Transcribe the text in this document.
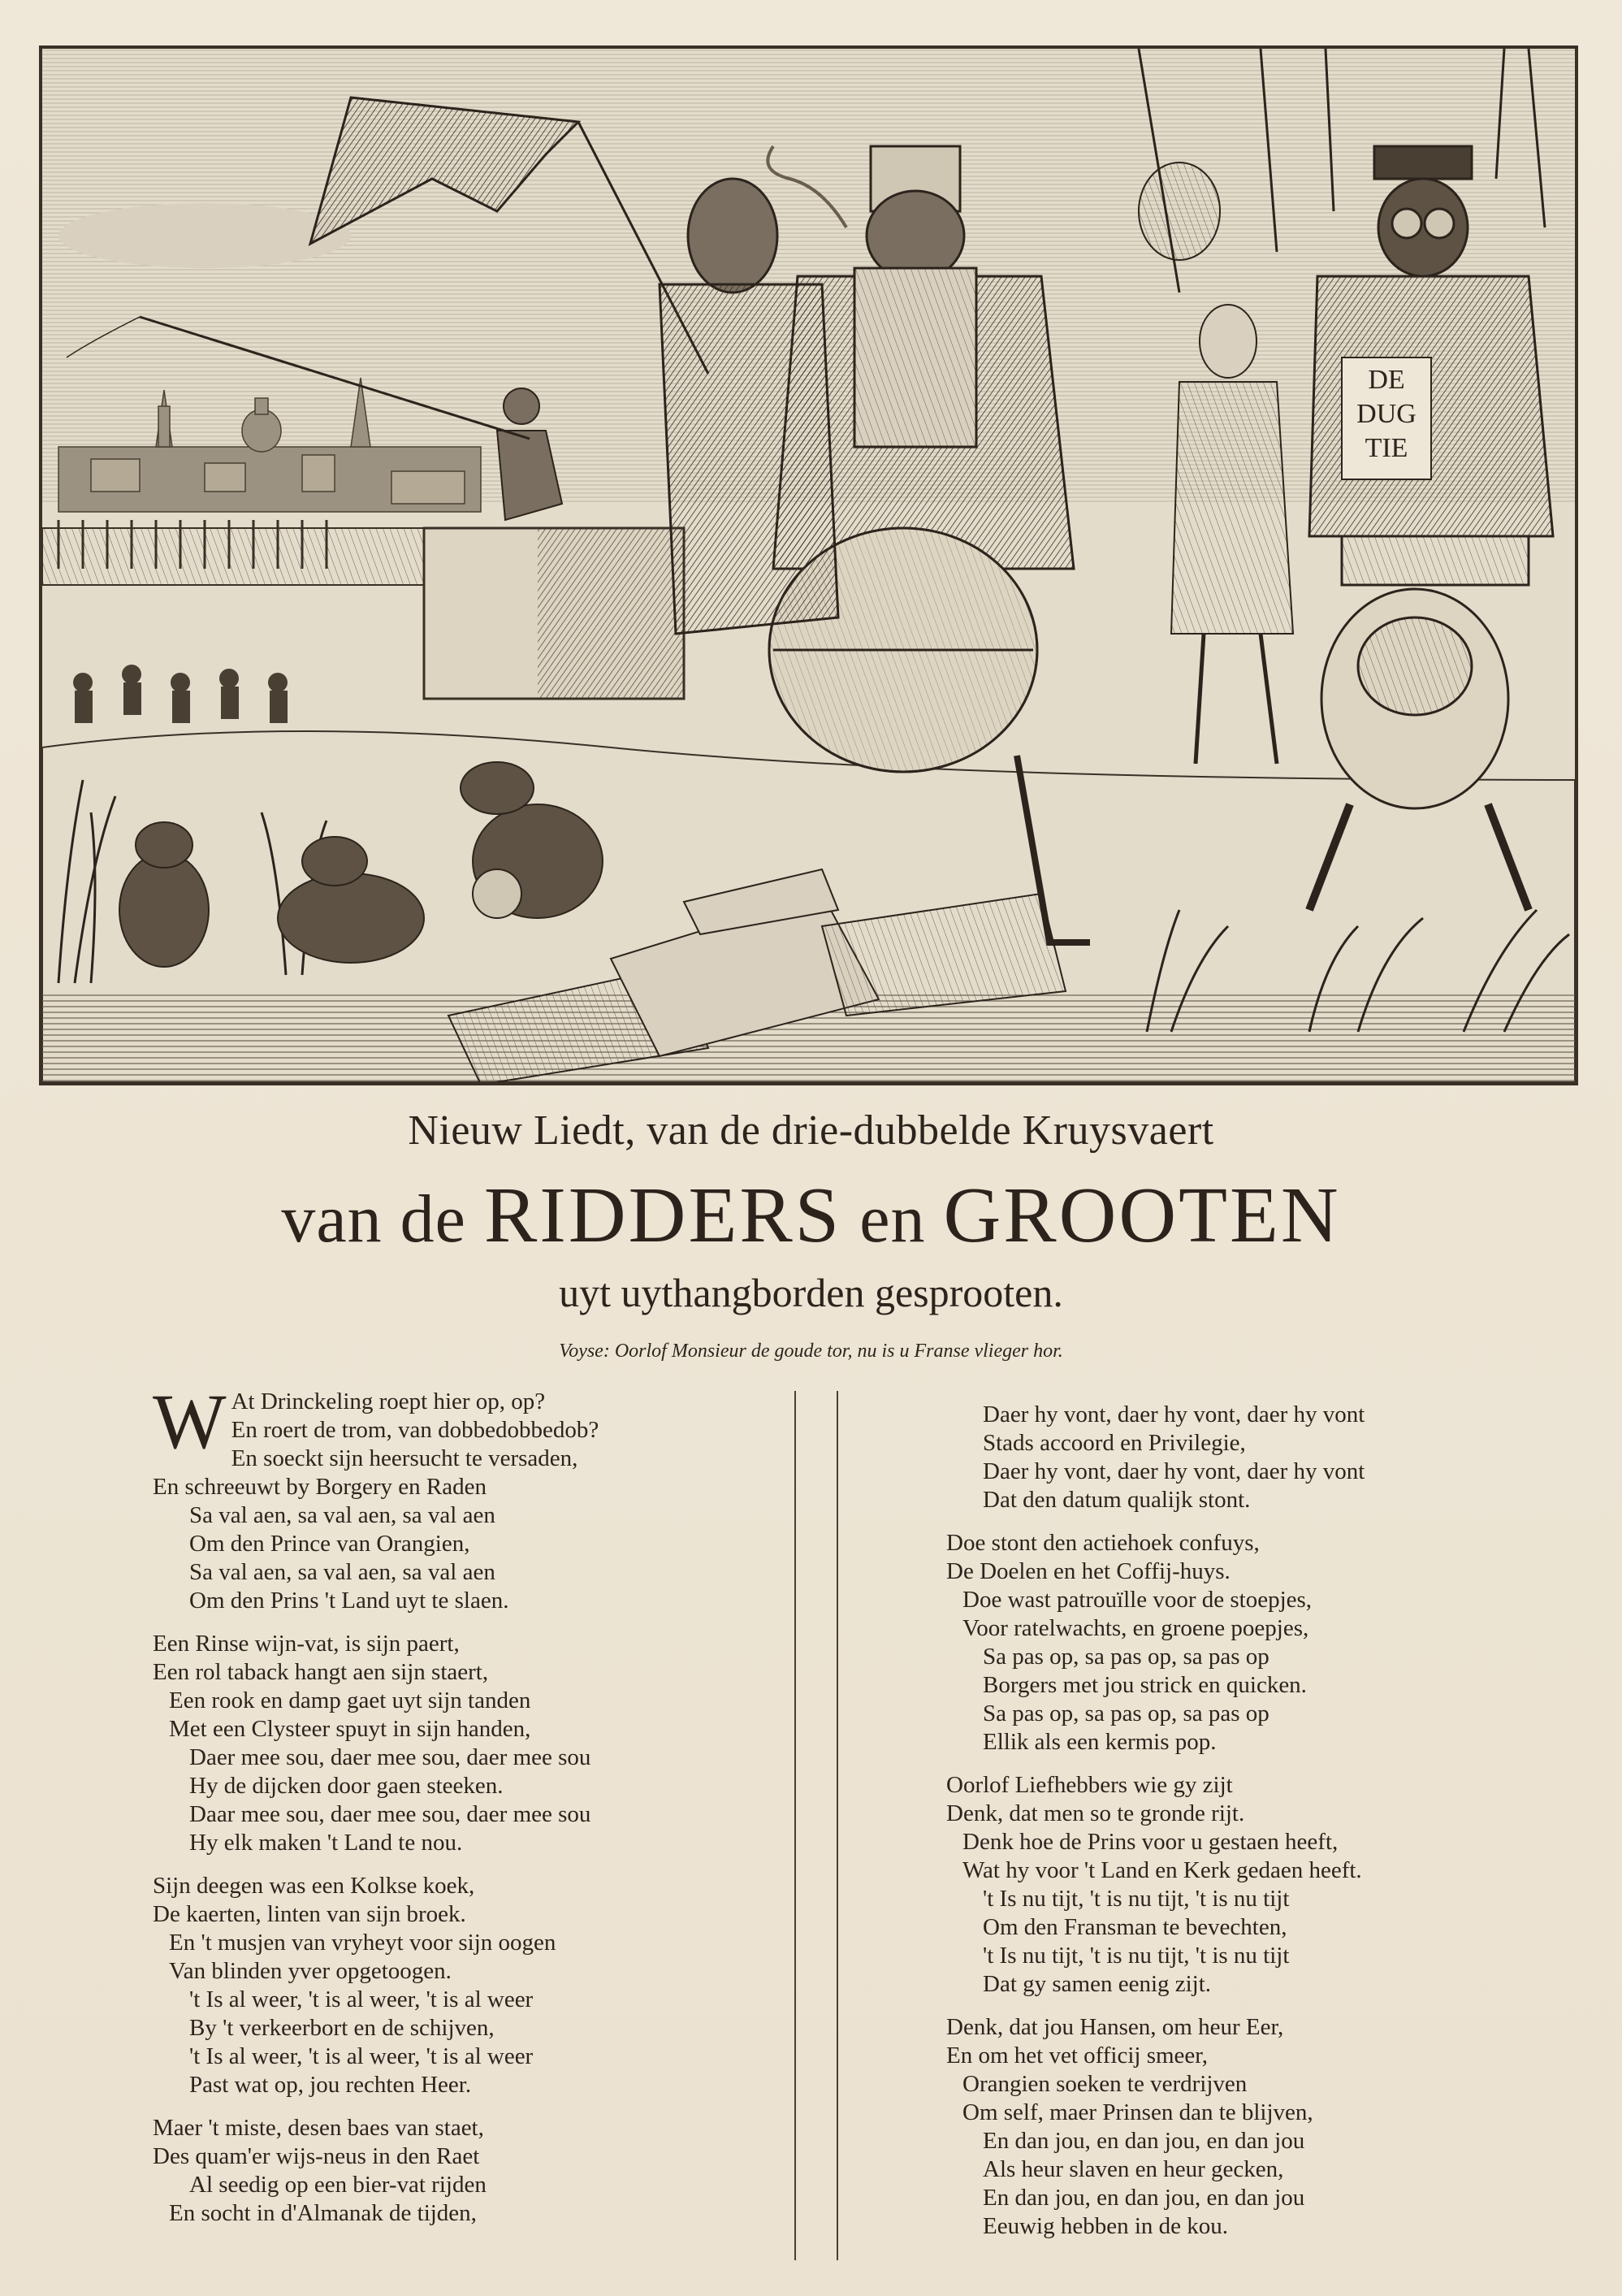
DE
DUG
TIE
Nieuw Liedt, van de drie-dubbelde Kruysvaert
van de RIDDERS en GROOTEN
uyt uythangborden gesprooten.
Voyse: Oorlof Monsieur de goude tor, nu is u Franse vlieger hor.
W At Drinckeling roept hier op, op?
En roert de trom, van dobbedobbedob?
En soeckt sijn heersucht te versaden,
En schreeuwt by Borgery en Raden
Sa val aen, sa val aen, sa val aen
Om den Prince van Orangien,
Sa val aen, sa val aen, sa val aen
Om den Prins 't Land uyt te slaen.
Een Rinse wijn-vat, is sijn paert,
Een rol taback hangt aen sijn staert,
Een rook en damp gaet uyt sijn tanden
Met een Clysteer spuyt in sijn handen,
Daer mee sou, daer mee sou, daer mee sou
Hy de dijcken door gaen steeken.
Daar mee sou, daer mee sou, daer mee sou
Hy elk maken 't Land te nou.
Sijn deegen was een Kolkse koek,
De kaerten, linten van sijn broek.
En 't musjen van vryheyt voor sijn oogen
Van blinden yver opgetoogen.
't Is al weer, 't is al weer, 't is al weer
By 't verkeerbort en de schijven,
't Is al weer, 't is al weer, 't is al weer
Past wat op, jou rechten Heer.
Maer 't miste, desen baes van staet,
Des quam'er wijs-neus in den Raet
Al seedig op een bier-vat rijden
En socht in d'Almanak de tijden,
Daer hy vont, daer hy vont, daer hy vont
Stads accoord en Privilegie,
Daer hy vont, daer hy vont, daer hy vont
Dat den datum qualijk stont.
Doe stont den actiehoek confuys,
De Doelen en het Coffij-huys.
Doe wast patrouïlle voor de stoepjes,
Voor ratelwachts, en groene poepjes,
Sa pas op, sa pas op, sa pas op
Borgers met jou strick en quicken.
Sa pas op, sa pas op, sa pas op
Ellik als een kermis pop.
Oorlof Liefhebbers wie gy zijt
Denk, dat men so te gronde rijt.
Denk hoe de Prins voor u gestaen heeft,
Wat hy voor 't Land en Kerk gedaen heeft.
't Is nu tijt, 't is nu tijt, 't is nu tijt
Om den Fransman te bevechten,
't Is nu tijt, 't is nu tijt, 't is nu tijt
Dat gy samen eenig zijt.
Denk, dat jou Hansen, om heur Eer,
En om het vet officij smeer,
Orangien soeken te verdrijven
Om self, maer Prinsen dan te blijven,
En dan jou, en dan jou, en dan jou
Als heur slaven en heur gecken,
En dan jou, en dan jou, en dan jou
Eeuwig hebben in de kou.
